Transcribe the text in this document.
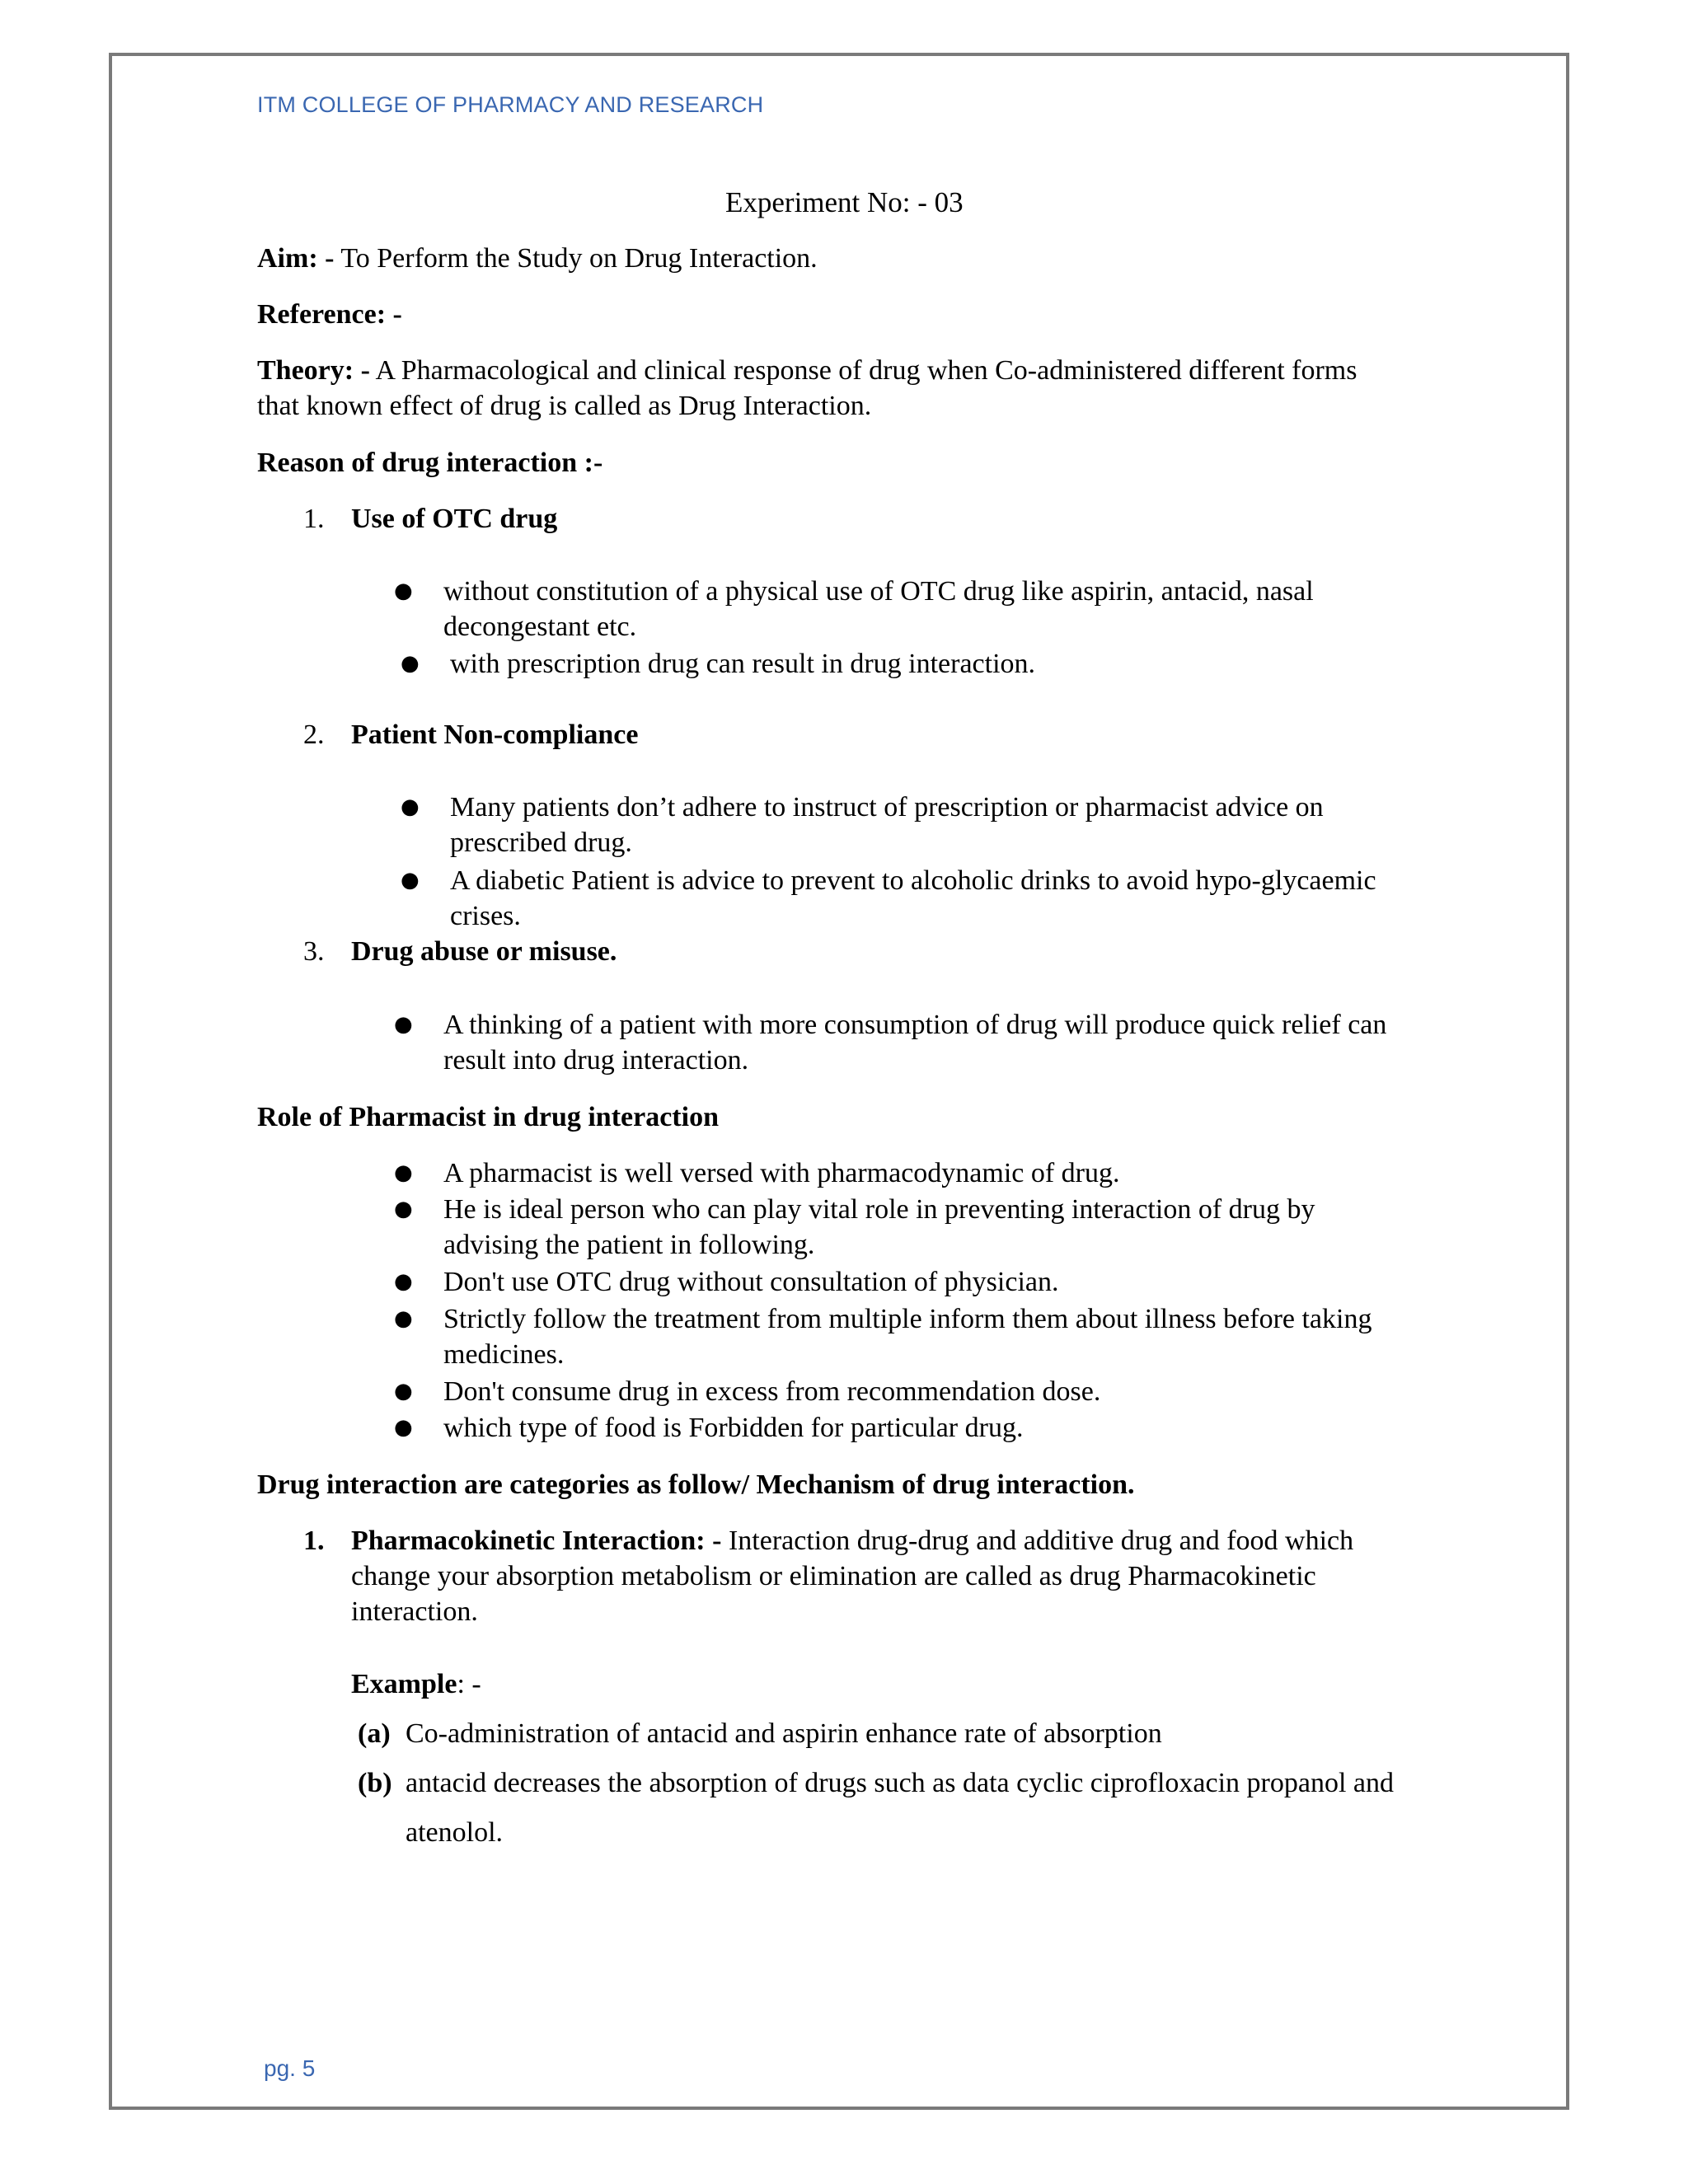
ITM COLLEGE OF PHARMACY AND RESEARCH
Experiment No: - 03
Aim: - To Perform the Study on Drug Interaction.
Reference: -
Theory: - A Pharmacological and clinical response of drug when Co-administered different forms
that known effect of drug is called as Drug Interaction.
Reason of drug interaction :-
1. Use of OTC drug
● without constitution of a physical use of OTC drug like aspirin, antacid, nasal
decongestant etc.
● with prescription drug can result in drug interaction.
2. Patient Non-compliance
● Many patients don’t adhere to instruct of prescription or pharmacist advice on
prescribed drug.
● A diabetic Patient is advice to prevent to alcoholic drinks to avoid hypo-glycaemic
crises.
3. Drug abuse or misuse.
● A thinking of a patient with more consumption of drug will produce quick relief can
result into drug interaction.
Role of Pharmacist in drug interaction
● A pharmacist is well versed with pharmacodynamic of drug.
● He is ideal person who can play vital role in preventing interaction of drug by
advising the patient in following.
● Don't use OTC drug without consultation of physician.
● Strictly follow the treatment from multiple inform them about illness before taking
medicines.
● Don't consume drug in excess from recommendation dose.
● which type of food is Forbidden for particular drug.
Drug interaction are categories as follow/ Mechanism of drug interaction.
1. Pharmacokinetic Interaction: - Interaction drug-drug and additive drug and food which
change your absorption metabolism or elimination are called as drug Pharmacokinetic
interaction.
Example: -
(a) Co-administration of antacid and aspirin enhance rate of absorption
(b) antacid decreases the absorption of drugs such as data cyclic ciprofloxacin propanol and
atenolol.
pg. 5
